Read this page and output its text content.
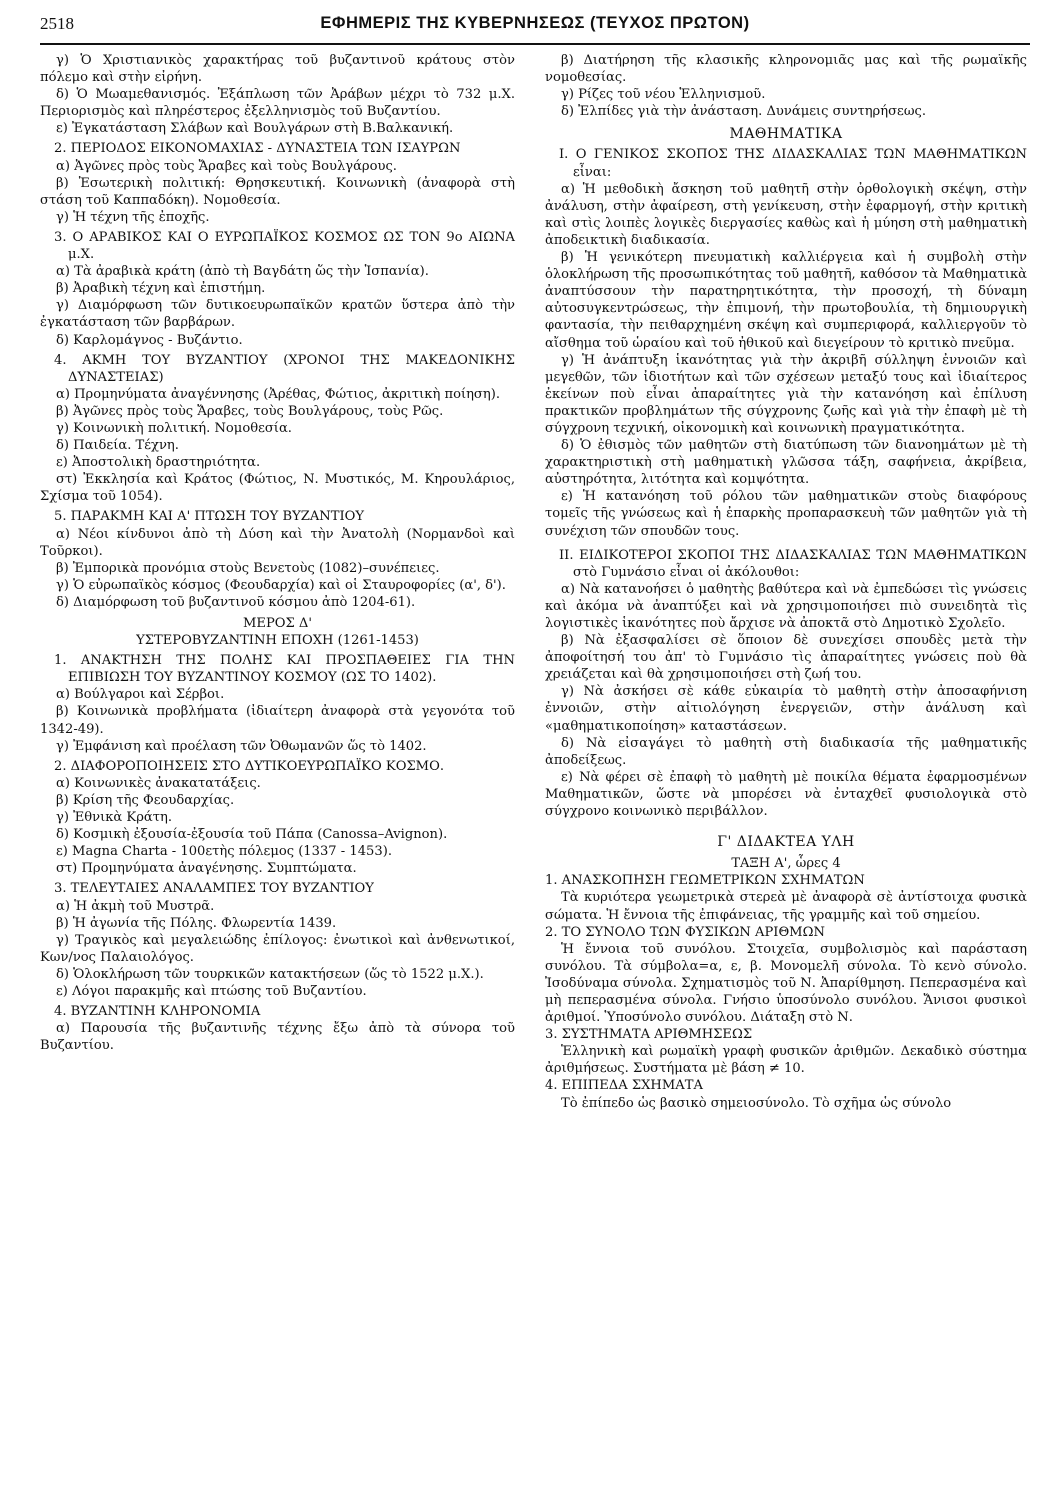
2518	ΕΦΗΜΕΡΙΣ ΤΗΣ ΚΥΒΕΡΝΗΣΕΩΣ (ΤΕΥΧΟΣ ΠΡΩΤΟΝ)

γ) Ὁ Χριστιανικὸς χαρακτήρας τοῦ βυζαντινοῦ κράτους στὸν πόλεμο καὶ στὴν εἰρήνη.

δ) Ὁ Μωαμεθανισμός. Ἐξάπλωση τῶν Ἀράβων μέχρι τὸ 732 μ.Χ. Περιορισμὸς καὶ πληρέστερος ἐξελληνισμὸς τοῦ Βυζαντίου.

ε) Ἐγκατάσταση Σλάβων καὶ Βουλγάρων στὴ Β.Βαλκανική.

2. ΠΕΡΙΟΔΟΣ ΕΙΚΟΝΟΜΑΧΙΑΣ - ΔΥΝΑΣΤΕΙΑ ΤΩΝ ΙΣΑΥΡΩΝ

α) Ἀγῶνες πρὸς τοὺς Ἄραβες καὶ τοὺς Βουλγάρους.

β) Ἐσωτερικὴ πολιτική: Θρησκευτική. Κοινωνικὴ (ἀναφορὰ στὴ στάση τοῦ Καππαδόκη). Νομοθεσία.

γ) Ἡ τέχνη τῆς ἐποχῆς.

3. Ο ΑΡΑΒΙΚΟΣ ΚΑΙ Ο ΕΥΡΩΠΑΪΚΟΣ ΚΟΣΜΟΣ ΩΣ ΤΟΝ 9ο ΑΙΩΝΑ μ.Χ.

α) Τὰ ἀραβικὰ κράτη (ἀπὸ τὴ Βαγδάτη ὥς τὴν Ἱσπανία).

β) Ἀραβικὴ τέχνη καὶ ἐπιστήμη.

γ) Διαμόρφωση τῶν δυτικοευρωπαϊκῶν κρατῶν ὕστερα ἀπὸ τὴν ἐγκατάσταση τῶν βαρβάρων.

δ) Καρλομάγνος - Βυζάντιο.

4. ΑΚΜΗ ΤΟΥ ΒΥΖΑΝΤΙΟΥ (ΧΡΟΝΟΙ ΤΗΣ ΜΑΚΕΔΟΝΙΚΗΣ ΔΥΝΑΣΤΕΙΑΣ)

α) Προμηνύματα ἀναγέννησης (Ἀρέθας, Φώτιος, ἀκριτικὴ ποίηση).

β) Ἀγῶνες πρὸς τοὺς Ἄραβες, τοὺς Βουλγάρους, τοὺς Ρῶς.

γ) Κοινωνικὴ πολιτική. Νομοθεσία.

δ) Παιδεία. Τέχνη.

ε) Ἀποστολικὴ δραστηριότητα.

στ) Ἐκκλησία καὶ Κράτος (Φώτιος, Ν. Μυστικός, Μ. Κηρουλάριος, Σχίσμα τοῦ 1054).

5. ΠΑΡΑΚΜΗ ΚΑΙ Α' ΠΤΩΣΗ ΤΟΥ ΒΥΖΑΝΤΙΟΥ

α) Νέοι κίνδυνοι ἀπὸ τὴ Δύση καὶ τὴν Ἀνατολὴ (Νορμανδοὶ καὶ Τοῦρκοι).

β) Ἐμπορικὰ προνόμια στοὺς Βενετοὺς (1082)–συνέπειες.

γ) Ὁ εὐρωπαϊκὸς κόσμος (Φεουδαρχία) καὶ οἱ Σταυροφορίες (α', δ').

δ) Διαμόρφωση τοῦ βυζαντινοῦ κόσμου ἀπὸ 1204-61).

ΜΕΡΟΣ Δ'

ΥΣΤΕΡΟΒΥΖΑΝΤΙΝΗ ΕΠΟΧΗ (1261-1453)

1. ΑΝΑΚΤΗΣΗ ΤΗΣ ΠΟΛΗΣ ΚΑΙ ΠΡΟΣΠΑΘΕΙΕΣ ΓΙΑ ΤΗΝ ΕΠΙΒΙΩΣΗ ΤΟΥ ΒΥΖΑΝΤΙΝΟΥ ΚΟΣΜΟΥ (ΩΣ ΤΟ 1402).

α) Βούλγαροι καὶ Σέρβοι.

β) Κοινωνικὰ προβλήματα (ἰδιαίτερη ἀναφορὰ στὰ γεγονότα τοῦ 1342-49).

γ) Ἐμφάνιση καὶ προέλαση τῶν Ὀθωμανῶν ὥς τὸ 1402.

2. ΔΙΑΦΟΡΟΠΟΙΗΣΕΙΣ ΣΤΟ ΔΥΤΙΚΟΕΥΡΩΠΑΪΚΟ ΚΟΣΜΟ.

α) Κοινωνικὲς ἀνακατατάξεις.

β) Κρίση τῆς Φεουδαρχίας.

γ) Ἐθνικὰ Κράτη.

δ) Κοσμικὴ ἐξουσία-ἐξουσία τοῦ Πάπα (Canossa–Avignon).

ε) Magna Charta - 100ετὴς πόλεμος (1337 - 1453).

στ) Προμηνύματα ἀναγένησης. Συμπτώματα.

3. ΤΕΛΕΥΤΑΙΕΣ ΑΝΑΛΑΜΠΕΣ ΤΟΥ ΒΥΖΑΝΤΙΟΥ

α) Ἡ ἀκμὴ τοῦ Μυστρᾶ.

β) Ἡ ἀγωνία τῆς Πόλης. Φλωρεντία 1439.

γ) Τραγικὸς καὶ μεγαλειώδης ἐπίλογος: ἐνωτικοὶ καὶ ἀνθενωτικοί, Κων/νος Παλαιολόγος.

δ) Ὁλοκλήρωση τῶν τουρκικῶν κατακτήσεων (ὥς τὸ 1522 μ.Χ.).

ε) Λόγοι παρακμῆς καὶ πτώσης τοῦ Βυζαντίου.

4. ΒΥΖΑΝΤΙΝΗ ΚΛΗΡΟΝΟΜΙΑ

α) Παρουσία τῆς βυζαντινῆς τέχνης ἔξω ἀπὸ τὰ σύνορα τοῦ Βυζαντίου.

β) Διατήρηση τῆς κλασικῆς κληρονομιᾶς μας καὶ τῆς ρωμαϊκῆς νομοθεσίας.

γ) Ρίζες τοῦ νέου Ἑλληνισμοῦ.

δ) Ἐλπίδες γιὰ τὴν ἀνάσταση. Δυνάμεις συντηρήσεως.

ΜΑΘΗΜΑΤΙΚΑ

Ι. Ο ΓΕΝΙΚΟΣ ΣΚΟΠΟΣ ΤΗΣ ΔΙΔΑΣΚΑΛΙΑΣ ΤΩΝ ΜΑΘΗΜΑΤΙΚΩΝ εἶναι:

α) Ἡ μεθοδικὴ ἄσκηση τοῦ μαθητῆ στὴν ὀρθολογικὴ σκέψη, στὴν ἀνάλυση, στὴν ἀφαίρεση, στὴ γενίκευση, στὴν ἐφαρμογή, στὴν κριτικὴ καὶ στὶς λοιπὲς λογικὲς διεργασίες καθὼς καὶ ἡ μύηση στὴ μαθηματικὴ ἀποδεικτικὴ διαδικασία.

β) Ἡ γενικότερη πνευματικὴ καλλιέργεια καὶ ἡ συμβολὴ στὴν ὁλοκλήρωση τῆς προσωπικότητας τοῦ μαθητῆ, καθόσον τὰ Μαθηματικὰ ἀναπτύσσουν τὴν παρατηρητικότητα, τὴν προσοχή, τὴ δύναμη αὐτοσυγκεντρώσεως, τὴν ἐπιμονή, τὴν πρωτοβουλία, τὴ δημιουργικὴ φαντασία, τὴν πειθαρχημένη σκέψη καὶ συμπεριφορά, καλλιεργοῦν τὸ αἴσθημα τοῦ ὡραίου καὶ τοῦ ἠθικοῦ καὶ διεγείρουν τὸ κριτικὸ πνεῦμα.

γ) Ἡ ἀνάπτυξη ἱκανότητας γιὰ τὴν ἀκριβῆ σύλληψη ἐννοιῶν καὶ μεγεθῶν, τῶν ἰδιοτήτων καὶ τῶν σχέσεων μεταξύ τους καὶ ἰδιαίτερος ἐκείνων ποὺ εἶναι ἀπαραίτητες γιὰ τὴν κατανόηση καὶ ἐπίλυση πρακτικῶν προβλημάτων τῆς σύγχρονης ζωῆς καὶ γιὰ τὴν ἐπαφὴ μὲ τὴ σύγχρονη τεχνική, οἰκονομικὴ καὶ κοινωνικὴ πραγματικότητα.

δ) Ὁ ἐθισμὸς τῶν μαθητῶν στὴ διατύπωση τῶν διανοημάτων μὲ τὴ χαρακτηριστικὴ στὴ μαθηματικὴ γλῶσσα τάξη, σαφήνεια, ἀκρίβεια, αὐστηρότητα, λιτότητα καὶ κομψότητα.

ε) Ἡ κατανόηση τοῦ ρόλου τῶν μαθηματικῶν στοὺς διαφόρους τομεῖς τῆς γνώσεως καὶ ἡ ἐπαρκὴς προπαρασκευὴ τῶν μαθητῶν γιὰ τὴ συνέχιση τῶν σπουδῶν τους.

ΙΙ. ΕΙΔΙΚΟΤΕΡΟΙ ΣΚΟΠΟΙ ΤΗΣ ΔΙΔΑΣΚΑΛΙΑΣ ΤΩΝ ΜΑΘΗΜΑΤΙΚΩΝ στὸ Γυμνάσιο εἶναι οἱ ἀκόλουθοι:

α) Νὰ κατανοήσει ὁ μαθητὴς βαθύτερα καὶ νὰ ἐμπεδώσει τὶς γνώσεις καὶ ἀκόμα νὰ ἀναπτύξει καὶ νὰ χρησιμοποιήσει πιὸ συνειδητὰ τὶς λογιστικὲς ἱκανότητες ποὺ ἄρχισε νὰ ἀποκτᾶ στὸ Δημοτικὸ Σχολεῖο.

β) Νὰ ἐξασφαλίσει σὲ ὅποιον δὲ συνεχίσει σπουδὲς μετὰ τὴν ἀποφοίτησή του ἀπ' τὸ Γυμνάσιο τὶς ἀπαραίτητες γνώσεις ποὺ θὰ χρειάζεται καὶ θὰ χρησιμοποιήσει στὴ ζωή του.

γ) Νὰ ἀσκήσει σὲ κάθε εὐκαιρία τὸ μαθητὴ στὴν ἀποσαφήνιση ἐννοιῶν, στὴν αἰτιολόγηση ἐνεργειῶν, στὴν ἀνάλυση καὶ «μαθηματικοποίηση» καταστάσεων.

δ) Νὰ εἰσαγάγει τὸ μαθητὴ στὴ διαδικασία τῆς μαθηματικῆς ἀποδείξεως.

ε) Νὰ φέρει σὲ ἐπαφὴ τὸ μαθητὴ μὲ ποικίλα θέματα ἐφαρμοσμένων Μαθηματικῶν, ὥστε νὰ μπορέσει νὰ ἐνταχθεῖ φυσιολογικὰ στὸ σύγχρονο κοινωνικὸ περιβάλλον.

Γ' ΔΙΔΑΚΤΕΑ ΥΛΗ

ΤΑΞΗ Α', ὧρες 4

1. ΑΝΑΣΚΟΠΗΣΗ ΓΕΩΜΕΤΡΙΚΩΝ ΣΧΗΜΑΤΩΝ

Τὰ κυριότερα γεωμετρικὰ στερεὰ μὲ ἀναφορὰ σὲ ἀντίστοιχα φυσικὰ σώματα. Ἡ ἔννοια τῆς ἐπιφάνειας, τῆς γραμμῆς καὶ τοῦ σημείου.

2. ΤΟ ΣΥΝΟΛΟ ΤΩΝ ΦΥΣΙΚΩΝ ΑΡΙΘΜΩΝ

Ἡ ἔννοια τοῦ συνόλου. Στοιχεῖα, συμβολισμὸς καὶ παράσταση συνόλου. Τὰ σύμβολα=α, ε, β. Μονομελῆ σύνολα. Τὸ κενὸ σύνολο. Ἰσοδύναμα σύνολα. Σχηματισμὸς τοῦ Ν. Ἀπαρίθμηση. Πεπερασμένα καὶ μὴ πεπερασμένα σύνολα. Γνήσιο ὑποσύνολο συνόλου. Ἄνισοι φυσικοὶ ἀριθμοί. Ὑποσύνολο συνόλου. Διάταξη στὸ Ν.

3. ΣΥΣΤΗΜΑΤΑ ΑΡΙΘΜΗΣΕΩΣ

Ἑλληνικὴ καὶ ρωμαϊκὴ γραφὴ φυσικῶν ἀριθμῶν. Δεκαδικὸ σύστημα ἀριθμήσεως. Συστήματα μὲ βάση ≠ 10.

4. ΕΠΙΠΕΔΑ ΣΧΗΜΑΤΑ

Τὸ ἐπίπεδο ὡς βασικὸ σημειοσύνολο. Τὸ σχῆμα ὡς σύνολο
